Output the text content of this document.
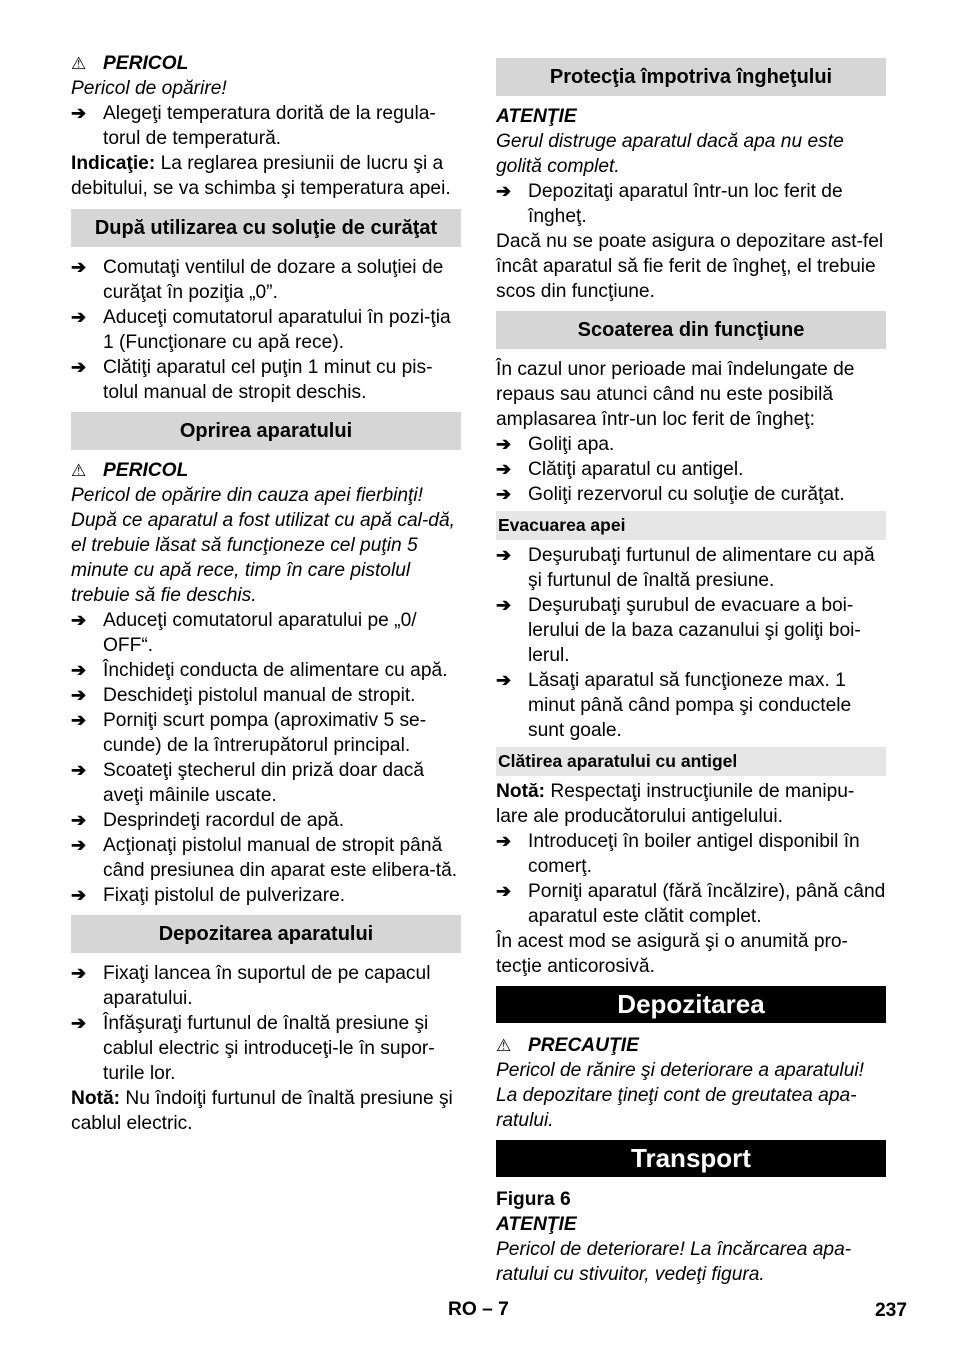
⚠ PERICOL

Pericol de opărire!

➔ Alegeţi temperatura dorită de la regula-torul de temperatură.

Indicaţie: La reglarea presiunii de lucru şi a debitului, se va schimba şi temperatura apei.

După utilizarea cu soluţie de curăţat
➔ Comutaţi ventilul de dozare a soluţiei de curăţat în poziţia „0”.
➔ Aduceţi comutatorul aparatului în pozi-ţia 1 (Funcţionare cu apă rece).
➔ Clătiţi aparatul cel puţin 1 minut cu pis-tolul manual de stropit deschis.
Oprirea aparatului

⚠ PERICOL

Pericol de opărire din cauza apei fierbinţi! După ce aparatul a fost utilizat cu apă cal-dă, el trebuie lăsat să funcţioneze cel puţin 5 minute cu apă rece, timp în care pistolul trebuie să fie deschis.

➔ Aduceţi comutatorul aparatului pe „0/ OFF“.
➔ Închideţi conducta de alimentare cu apă.
➔ Deschideţi pistolul manual de stropit.
➔ Porniţi scurt pompa (aproximativ 5 se-cunde) de la întrerupătorul principal.
➔ Scoateţi ştecherul din priză doar dacă aveţi mâinile uscate.
➔ Desprindeţi racordul de apă.
➔ Acţionaţi pistolul manual de stropit până când presiunea din aparat este elibera-tă.
➔ Fixaţi pistolul de pulverizare.
Depozitarea aparatului
➔ Fixaţi lancea în suportul de pe capacul aparatului.
➔ Înfăşuraţi furtunul de înaltă presiune şi cablul electric şi introduceţi-le în supor-turile lor.

Notă: Nu îndoiţi furtunul de înaltă presiune şi cablul electric.

Protecţia împotriva îngheţului

ATENŢIE

Gerul distruge aparatul dacă apa nu este golită complet.

➔ Depozitaţi aparatul într-un loc ferit de îngheţ.

Dacă nu se poate asigura o depozitare ast-fel încât aparatul să fie ferit de îngheţ, el trebuie scos din funcţiune.

Scoaterea din funcţiune

În cazul unor perioade mai îndelungate de repaus sau atunci când nu este posibilă amplasarea într-un loc ferit de îngheţ:

➔ Goliţi apa.
➔ Clătiţi aparatul cu antigel.
➔ Goliţi rezervorul cu soluţie de curăţat.
Evacuarea apei
➔ Deşurubaţi furtunul de alimentare cu apă şi furtunul de înaltă presiune.
➔ Deşurubaţi şurubul de evacuare a boi-lerului de la baza cazanului şi goliţi boi-lerul.
➔ Lăsaţi aparatul să funcţioneze max. 1 minut până când pompa şi conductele sunt goale.
Clătirea aparatului cu antigel

Notă: Respectaţi instrucţiunile de manipu-lare ale producătorului antigelului.

➔ Introduceţi în boiler antigel disponibil în comerţ.
➔ Porniţi aparatul (fără încălzire), până când aparatul este clătit complet.

În acest mod se asigură şi o anumită pro-tecţie anticorosivă.

Depozitarea

⚠ PRECAUŢIE

Pericol de rănire şi deteriorare a aparatului! La depozitare ţineţi cont de greutatea apa-ratului.

Transport

Figura 6

ATENŢIE

Pericol de deteriorare! La încărcarea apa-ratului cu stivuitor, vedeţi figura.

RO – 7	237
